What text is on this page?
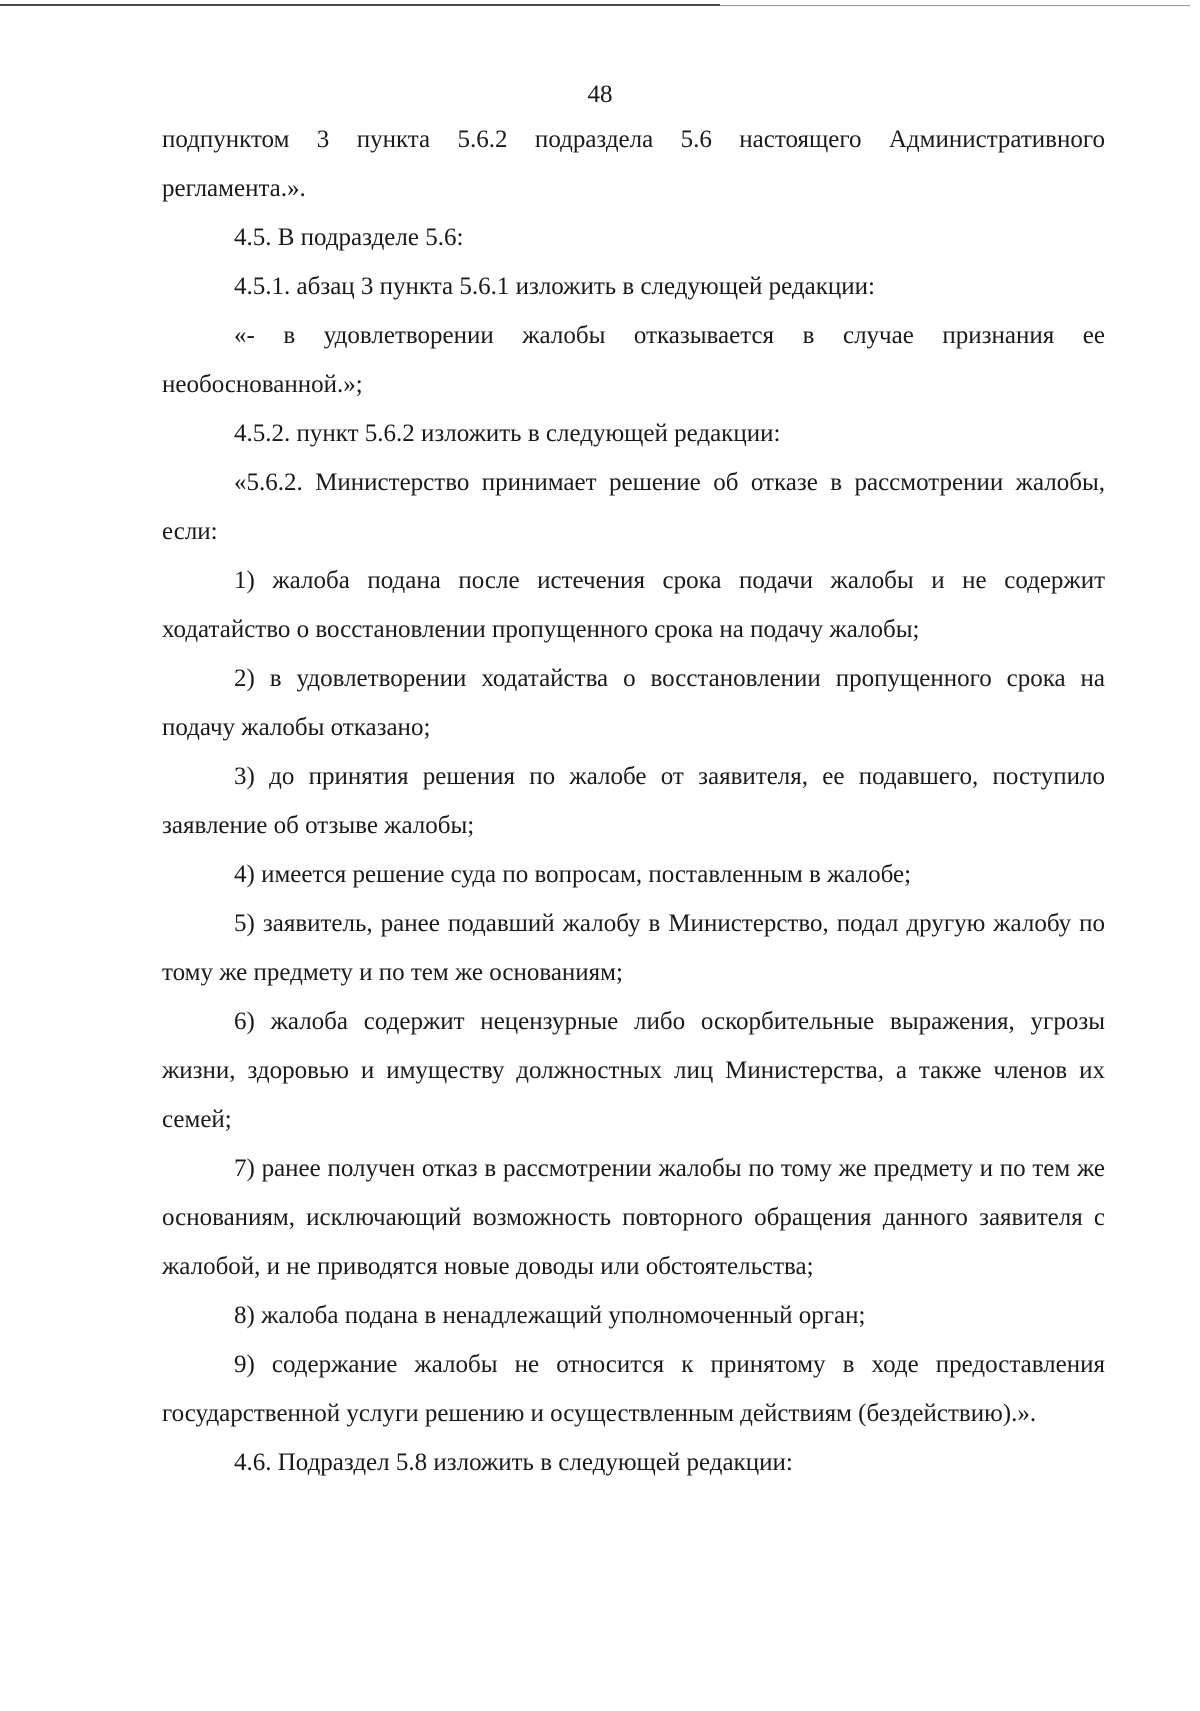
48

подпунктом 3 пункта 5.6.2 подраздела 5.6 настоящего Административного регламента.».

4.5. В подразделе 5.6:

4.5.1. абзац 3 пункта 5.6.1 изложить в следующей редакции:

«- в удовлетворении жалобы отказывается в случае признания ее необоснованной.»;

4.5.2. пункт 5.6.2 изложить в следующей редакции:

«5.6.2. Министерство принимает решение об отказе в рассмотрении жалобы, если:

1) жалоба подана после истечения срока подачи жалобы и не содержит ходатайство о восстановлении пропущенного срока на подачу жалобы;

2) в удовлетворении ходатайства о восстановлении пропущенного срока на подачу жалобы отказано;

3) до принятия решения по жалобе от заявителя, ее подавшего, поступило заявление об отзыве жалобы;

4) имеется решение суда по вопросам, поставленным в жалобе;

5) заявитель, ранее подавший жалобу в Министерство, подал другую жалобу по тому же предмету и по тем же основаниям;

6) жалоба содержит нецензурные либо оскорбительные выражения, угрозы жизни, здоровью и имуществу должностных лиц Министерства, а также членов их семей;

7) ранее получен отказ в рассмотрении жалобы по тому же предмету и по тем же основаниям, исключающий возможность повторного обращения данного заявителя с жалобой, и не приводятся новые доводы или обстоятельства;

8) жалоба подана в ненадлежащий уполномоченный орган;

9) содержание жалобы не относится к принятому в ходе предоставления государственной услуги решению и осуществленным действиям (бездействию).».

4.6. Подраздел 5.8 изложить в следующей редакции:
